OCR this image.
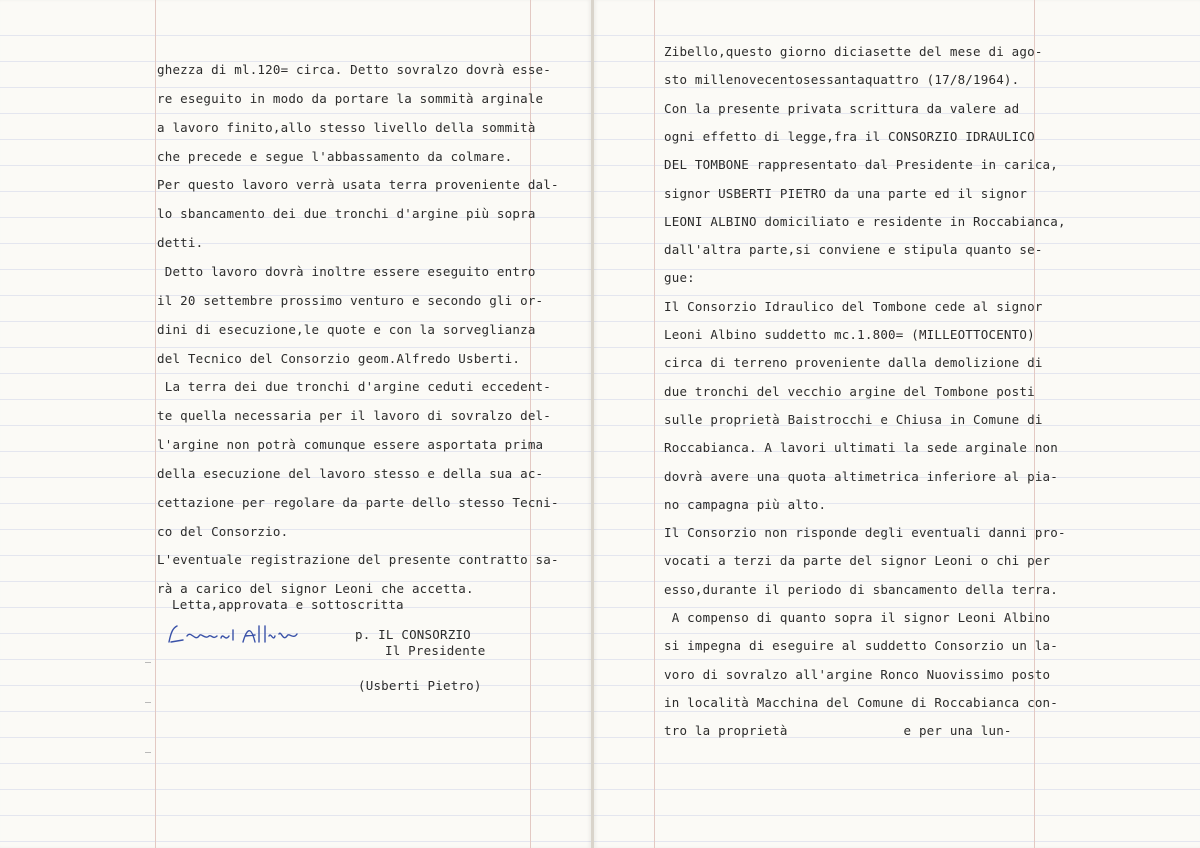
ghezza di ml.120= circa. Detto sovralzo dovrà esse-
re eseguito in modo da portare la sommità arginale
a lavoro finito,allo stesso livello della sommità
che precede e segue l'abbassamento da colmare.
Per questo lavoro verrà usata terra proveniente dal-
lo sbancamento dei due tronchi d'argine più sopra
detti.
Detto lavoro dovrà inoltre essere eseguito entro
il 20 settembre prossimo venturo e secondo gli or-
dini di esecuzione,le quote e con la sorveglianza
del Tecnico del Consorzio geom.Alfredo Usberti.
La terra dei due tronchi d'argine ceduti eccedent-
te quella necessaria per il lavoro di sovralzo del-
l'argine non potrà comunque essere asportata prima
della esecuzione del lavoro stesso e della sua ac-
cettazione per regolare da parte dello stesso Tecni-
co del Consorzio.
L'eventuale registrazione del presente contratto sa-
rà a carico del signor Leoni che accetta.
Letta,approvata e sottoscritta
p. IL CONSORZIO
Il Presidente
(Usberti Pietro)
Zibello,questo giorno diciasette del mese di ago-
sto millenovecentosessantaquattro (17/8/1964).
Con la presente privata scrittura da valere ad
ogni effetto di legge,fra il CONSORZIO IDRAULICO
DEL TOMBONE rappresentato dal Presidente in carica,
signor USBERTI PIETRO da una parte ed il signor
LEONI ALBINO domiciliato e residente in Roccabianca,
dall'altra parte,si conviene e stipula quanto se-
gue:
Il Consorzio Idraulico del Tombone cede al signor
Leoni Albino suddetto mc.1.800= (MILLEOTTOCENTO)
circa di terreno proveniente dalla demolizione di
due tronchi del vecchio argine del Tombone posti
sulle proprietà Baistrocchi e Chiusa in Comune di
Roccabianca. A lavori ultimati la sede arginale non
dovrà avere una quota altimetrica inferiore al pia-
no campagna più alto.
Il Consorzio non risponde degli eventuali danni pro-
vocati a terzi da parte del signor Leoni o chi per
esso,durante il periodo di sbancamento della terra.
A compenso di quanto sopra il signor Leoni Albino
si impegna di eseguire al suddetto Consorzio un la-
voro di sovralzo all'argine Ronco Nuovissimo posto
in località Macchina del Comune di Roccabianca con-
tro la proprietà               e per una lun-
